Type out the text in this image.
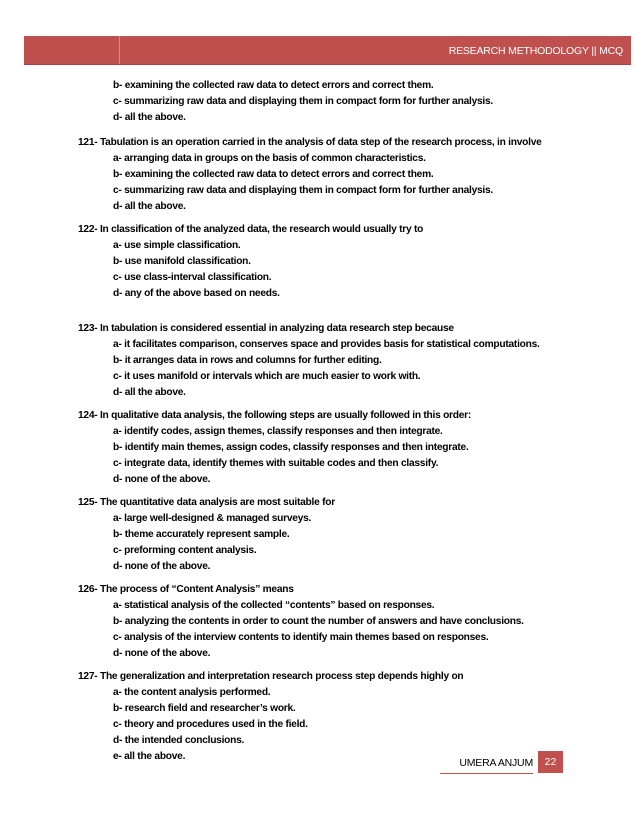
RESEARCH METHODOLOGY || MCQ
b- examining the collected raw data to detect errors and correct them.
c- summarizing raw data and displaying them in compact form for further analysis.
d- all the above.
121- Tabulation is an operation carried in the analysis of data step of the research process, in involve
a- arranging data in groups on the basis of common characteristics.
b- examining the collected raw data to detect errors and correct them.
c- summarizing raw data and displaying them in compact form for further analysis.
d- all the above.
122- In classification of the analyzed data, the research would usually try to
a- use simple classification.
b- use manifold classification.
c- use class-interval classification.
d- any of the above based on needs.
123- In tabulation is considered essential in analyzing data research step because
a- it facilitates comparison, conserves space and provides basis for statistical computations.
b- it arranges data in rows and columns for further editing.
c- it uses manifold or intervals which are much easier to work with.
d- all the above.
124- In qualitative data analysis, the following steps are usually followed in this order:
a- identify codes, assign themes, classify responses and then integrate.
b- identify main themes, assign codes, classify responses and then integrate.
c- integrate data, identify themes with suitable codes and then classify.
d- none of the above.
125- The quantitative data analysis are most suitable for
a- large well-designed & managed surveys.
b- theme accurately represent sample.
c- preforming content analysis.
d- none of the above.
126- The process of “Content Analysis” means
a- statistical analysis of the collected “contents” based on responses.
b- analyzing the contents in order to count the number of answers and have conclusions.
c- analysis of the interview contents to identify main themes based on responses.
d- none of the above.
127- The generalization and interpretation research process step depends highly on
a- the content analysis performed.
b- research field and researcher’s work.
c- theory and procedures used in the field.
d- the intended conclusions.
e- all the above.
UMERA ANJUM	22
